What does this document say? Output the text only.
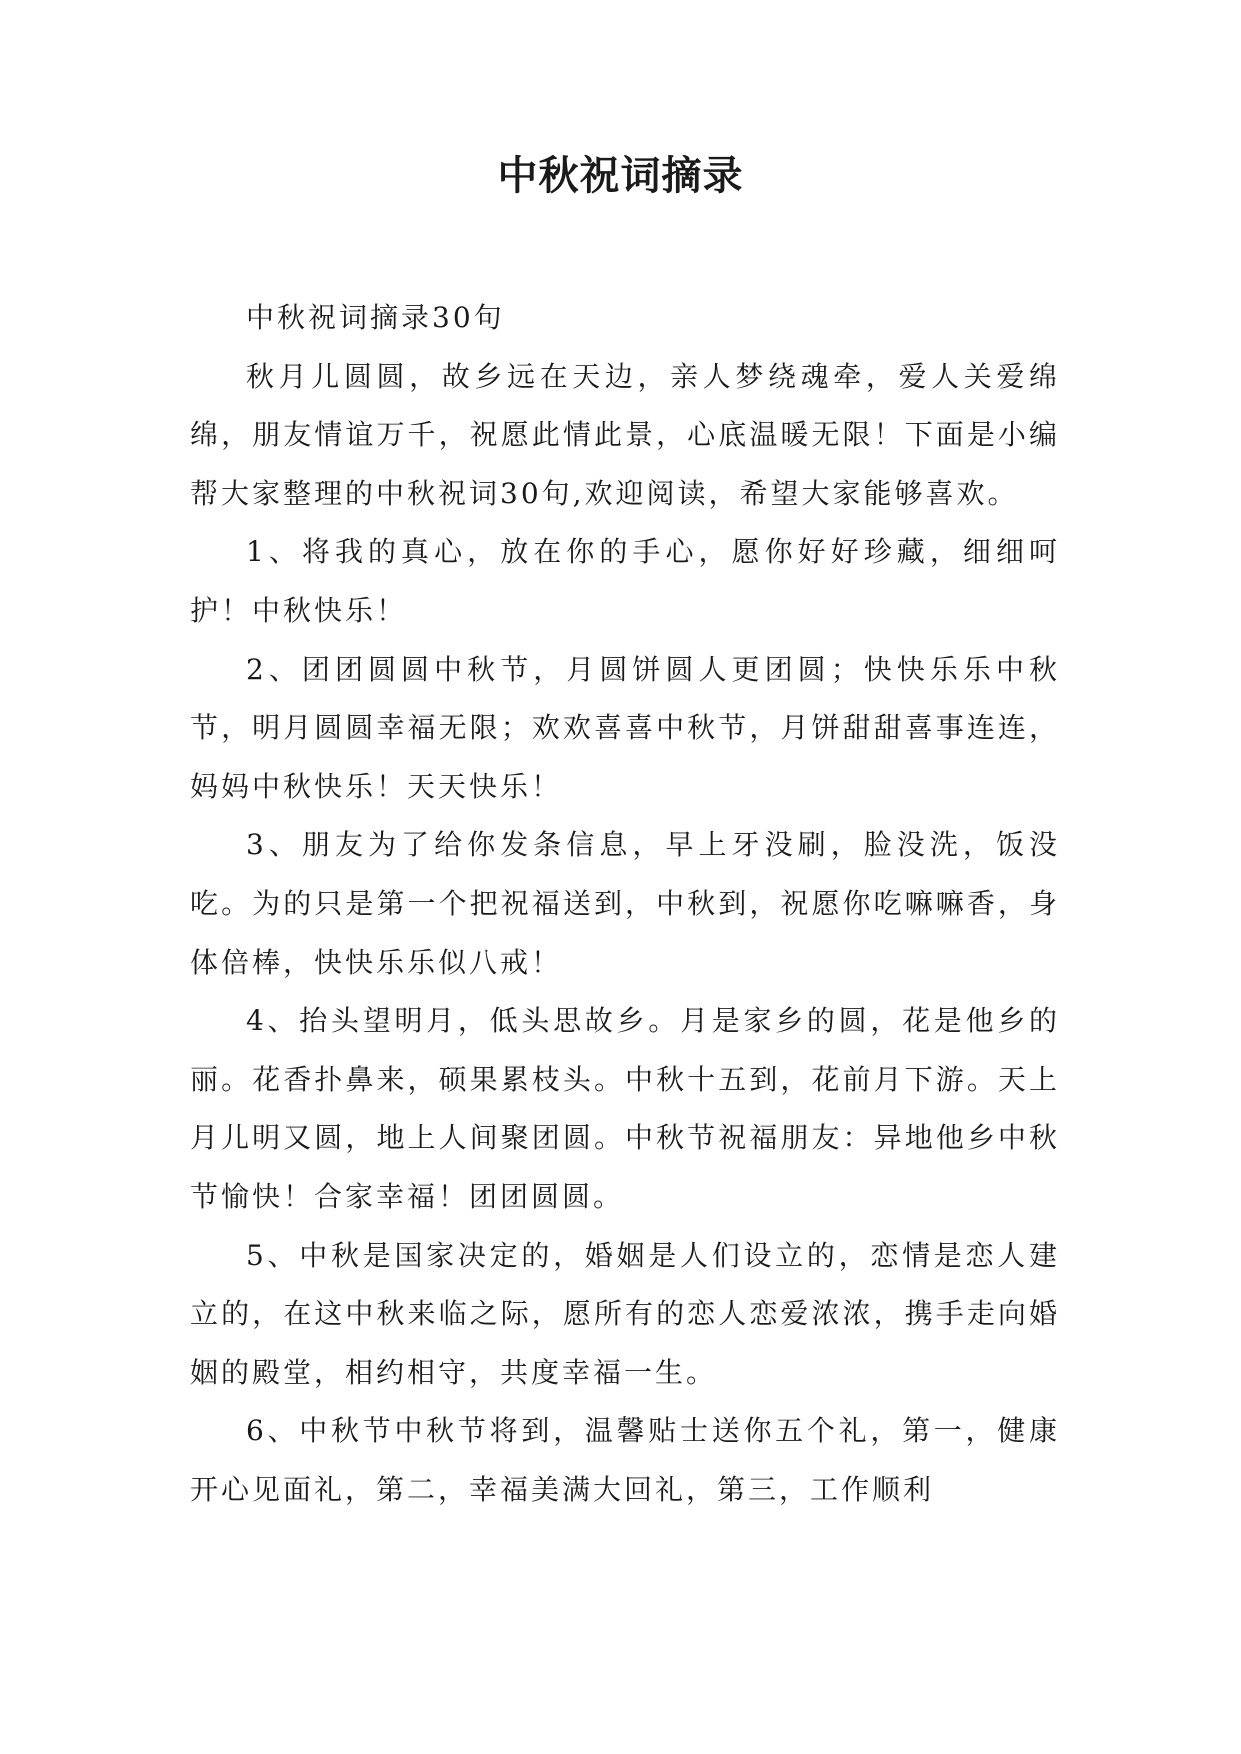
中秋祝词摘录

中秋祝词摘录30句

秋月儿圆圆，故乡远在天边，亲人梦绕魂牵，爱人关爱绵绵，朋友情谊万千，祝愿此情此景，心底温暖无限！下面是小编帮大家整理的中秋祝词30句,欢迎阅读，希望大家能够喜欢。

1、将我的真心，放在你的手心，愿你好好珍藏，细细呵护！中秋快乐！

2、团团圆圆中秋节，月圆饼圆人更团圆；快快乐乐中秋节，明月圆圆幸福无限；欢欢喜喜中秋节，月饼甜甜喜事连连，妈妈中秋快乐！天天快乐！

3、朋友为了给你发条信息，早上牙没刷，脸没洗，饭没吃。为的只是第一个把祝福送到，中秋到，祝愿你吃嘛嘛香，身体倍棒，快快乐乐似八戒！

4、抬头望明月，低头思故乡。月是家乡的圆，花是他乡的丽。花香扑鼻来，硕果累枝头。中秋十五到，花前月下游。天上月儿明又圆，地上人间聚团圆。中秋节祝福朋友：异地他乡中秋节愉快！合家幸福！团团圆圆。

5、中秋是国家决定的，婚姻是人们设立的，恋情是恋人建立的，在这中秋来临之际，愿所有的恋人恋爱浓浓，携手走向婚姻的殿堂，相约相守，共度幸福一生。

6、中秋节中秋节将到，温馨贴士送你五个礼，第一，健康开心见面礼，第二，幸福美满大回礼，第三，工作顺利
